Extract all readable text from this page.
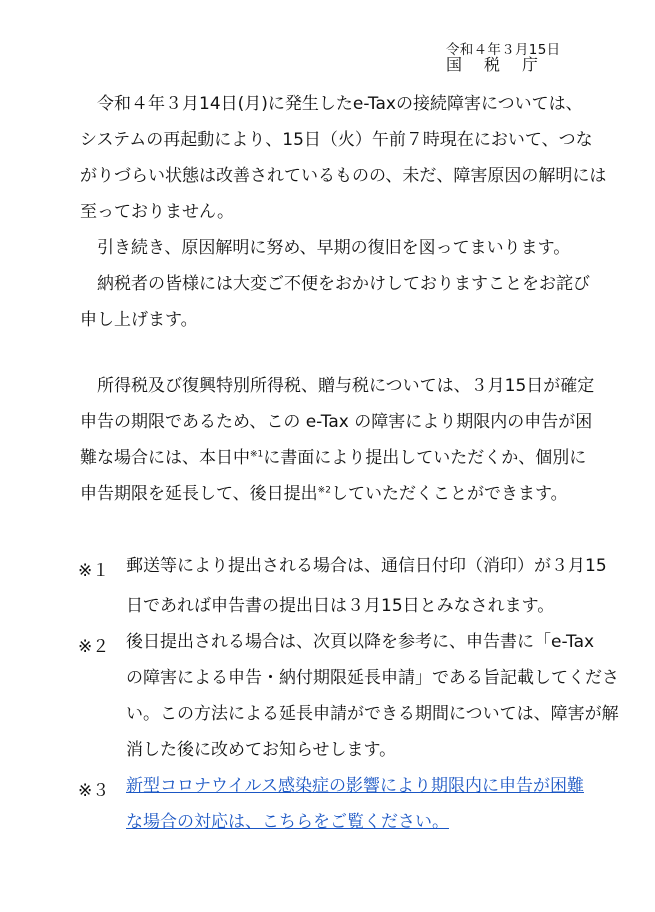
令和４年３月15日
国税庁
令和４年３月14日(月)に発生したe-Taxの接続障害については、
システムの再起動により、15日（火）午前７時現在において、つな
がりづらい状態は改善されているものの、未だ、障害原因の解明には
至っておりません。
引き続き、原因解明に努め、早期の復旧を図ってまいります。
納税者の皆様には大変ご不便をおかけしておりますことをお詫び
申し上げます。
所得税及び復興特別所得税、贈与税については、３月15日が確定
申告の期限であるため、この e-Tax の障害により期限内の申告が困
難な場合には、本日中$^{※1}$に書面により提出していただくか、個別に
申告期限を延長して、後日提出$^{※2}$していただくことができます。
※１ 郵送等により提出される場合は、通信日付印（消印）が３月15
日であれば申告書の提出日は３月15日とみなされます。
※２ 後日提出される場合は、次頁以降を参考に、申告書に「e-Tax
の障害による申告・納付期限延長申請」である旨記載してくださ
い。この方法による延長申請ができる期間については、障害が解
消した後に改めてお知らせします。
※３ 新型コロナウイルス感染症の影響により期限内に申告が困難
な場合の対応は、こちらをご覧ください。
